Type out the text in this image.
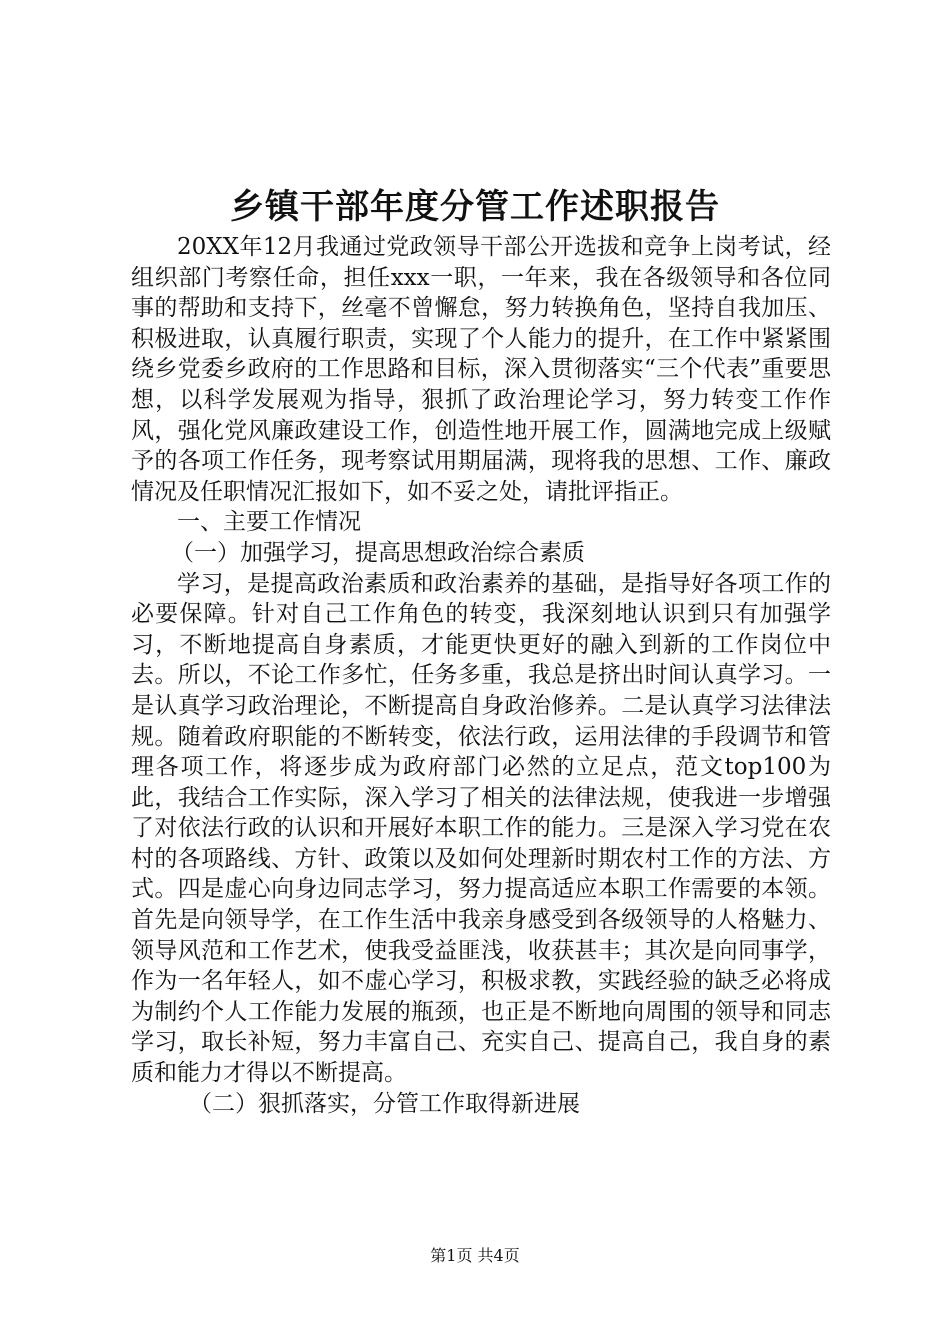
乡镇干部年度分管工作述职报告

20XX年12月我通过党政领导干部公开选拔和竞争上岗考试，经组织部门考察任命，担任xxx一职，一年来，我在各级领导和各位同事的帮助和支持下，丝毫不曾懈怠，努力转换角色，坚持自我加压、积极进取，认真履行职责，实现了个人能力的提升，在工作中紧紧围绕乡党委乡政府的工作思路和目标，深入贯彻落实“三个代表”重要思想，以科学发展观为指导，狠抓了政治理论学习，努力转变工作作风，强化党风廉政建设工作，创造性地开展工作，圆满地完成上级赋予的各项工作任务，现考察试用期届满，现将我的思想、工作、廉政情况及任职情况汇报如下，如不妥之处，请批评指正。

一、主要工作情况

（一）加强学习，提高思想政治综合素质

学习，是提高政治素质和政治素养的基础，是指导好各项工作的必要保障。针对自己工作角色的转变，我深刻地认识到只有加强学习，不断地提高自身素质，才能更快更好的融入到新的工作岗位中去。所以，不论工作多忙，任务多重，我总是挤出时间认真学习。一是认真学习政治理论，不断提高自身政治修养。二是认真学习法律法规。随着政府职能的不断转变，依法行政，运用法律的手段调节和管理各项工作，将逐步成为政府部门必然的立足点，范文top100为此，我结合工作实际，深入学习了相关的法律法规，使我进一步增强了对依法行政的认识和开展好本职工作的能力。三是深入学习党在农村的各项路线、方针、政策以及如何处理新时期农村工作的方法、方式。四是虚心向身边同志学习，努力提高适应本职工作需要的本领。首先是向领导学，在工作生活中我亲身感受到各级领导的人格魅力、领导风范和工作艺术，使我受益匪浅，收获甚丰；其次是向同事学，作为一名年轻人，如不虚心学习，积极求教，实践经验的缺乏必将成为制约个人工作能力发展的瓶颈，也正是不断地向周围的领导和同志学习，取长补短，努力丰富自己、充实自己、提高自己，我自身的素质和能力才得以不断提高。

（二）狠抓落实，分管工作取得新进展

第1页 共4页
